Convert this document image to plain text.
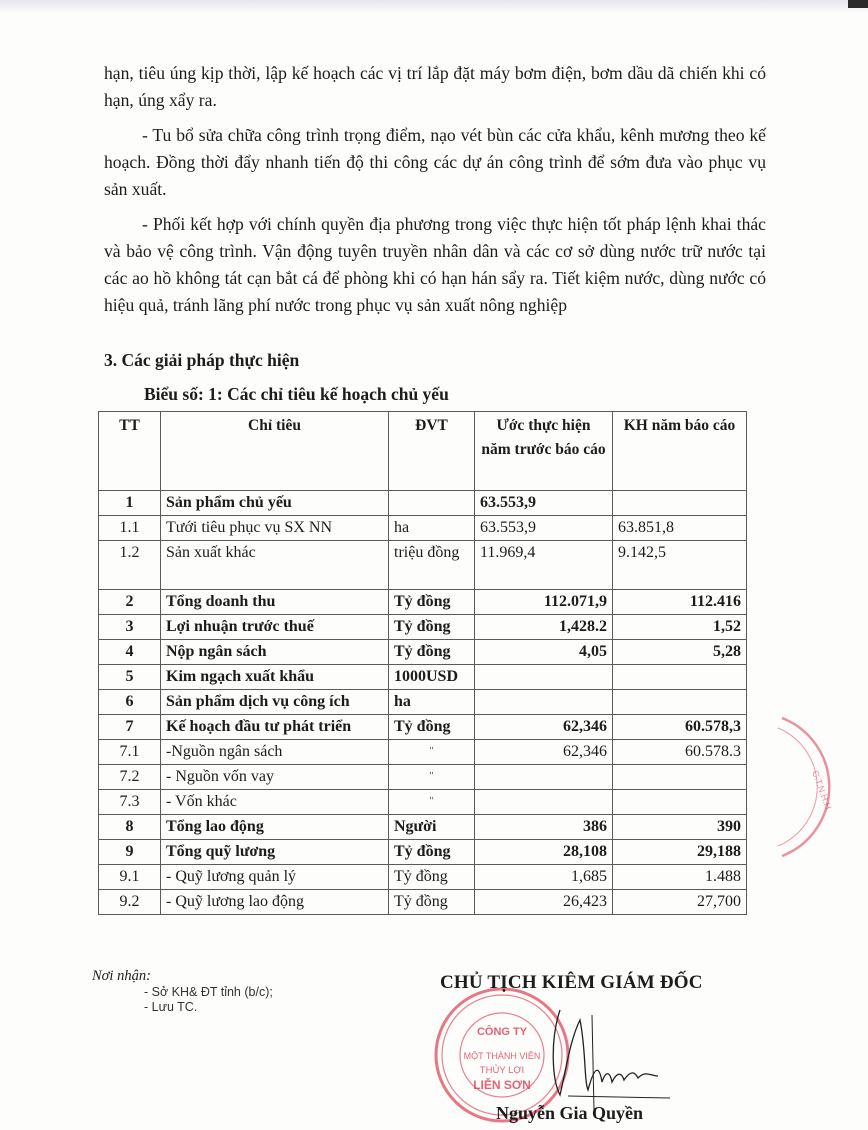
hạn, tiêu úng kịp thời, lập kế hoạch các vị trí lắp đặt máy bơm điện, bơm dầu dã chiến khi có hạn, úng xẩy ra.

- Tu bổ sửa chữa công trình trọng điểm, nạo vét bùn các cửa khẩu, kênh mương theo kế hoạch. Đồng thời đẩy nhanh tiến độ thi công các dự án công trình để sớm đưa vào phục vụ sản xuất.

- Phối kết hợp với chính quyền địa phương trong việc thực hiện tốt pháp lệnh khai thác và bảo vệ công trình. Vận động tuyên truyền nhân dân và các cơ sở dùng nước trữ nước tại các ao hồ không tát cạn bắt cá để phòng khi có hạn hán sẩy ra. Tiết kiệm nước, dùng nước có hiệu quả, tránh lãng phí nước trong phục vụ sản xuất nông nghiệp

3. Các giải pháp thực hiện

Biểu số: 1: Các chỉ tiêu kế hoạch chủ yếu

TT	Chỉ tiêu	ĐVT	Ước thực hiện năm trước báo cáo	KH năm báo cáo
1	Sản phẩm chủ yếu		63.553,9	
1.1	Tưới tiêu phục vụ SX NN	ha	63.553,9	63.851,8
1.2	Sản xuất khác	triệu đồng	11.969,4	9.142,5
2	Tổng doanh thu	Tỷ đồng	112.071,9	112.416
3	Lợi nhuận trước thuế	Tỷ đồng	1,428.2	1,52
4	Nộp ngân sách	Tỷ đồng	4,05	5,28
5	Kim ngạch xuất khẩu	1000USD		
6	Sản phẩm dịch vụ công ích	ha		
7	Kế hoạch đầu tư phát triển	Tỷ đồng	62,346	60.578,3
7.1	-Nguồn ngân sách	"	62,346	60.578.3
7.2	- Nguồn vốn vay	"		
7.3	- Vốn khác	"		
8	Tổng lao động	Người	386	390
9	Tổng quỹ lương	Tỷ đồng	28,108	29,188
9.1	- Quỹ lương quản lý	Tỷ đồng	1,685	1.488
9.2	- Quỹ lương lao động	Tỷ đồng	26,423	27,700
Nơi nhận:
- Sở KH& ĐT tỉnh (b/c);
- Lưu TC.
CÔNG TY
MỘT THÀNH VIÊN
THỦY LỢI
LIỄN SƠN
C.T.N.H.H

CHỦ TỊCH KIÊM GIÁM ĐỐC

Nguyễn Gia Quyền
